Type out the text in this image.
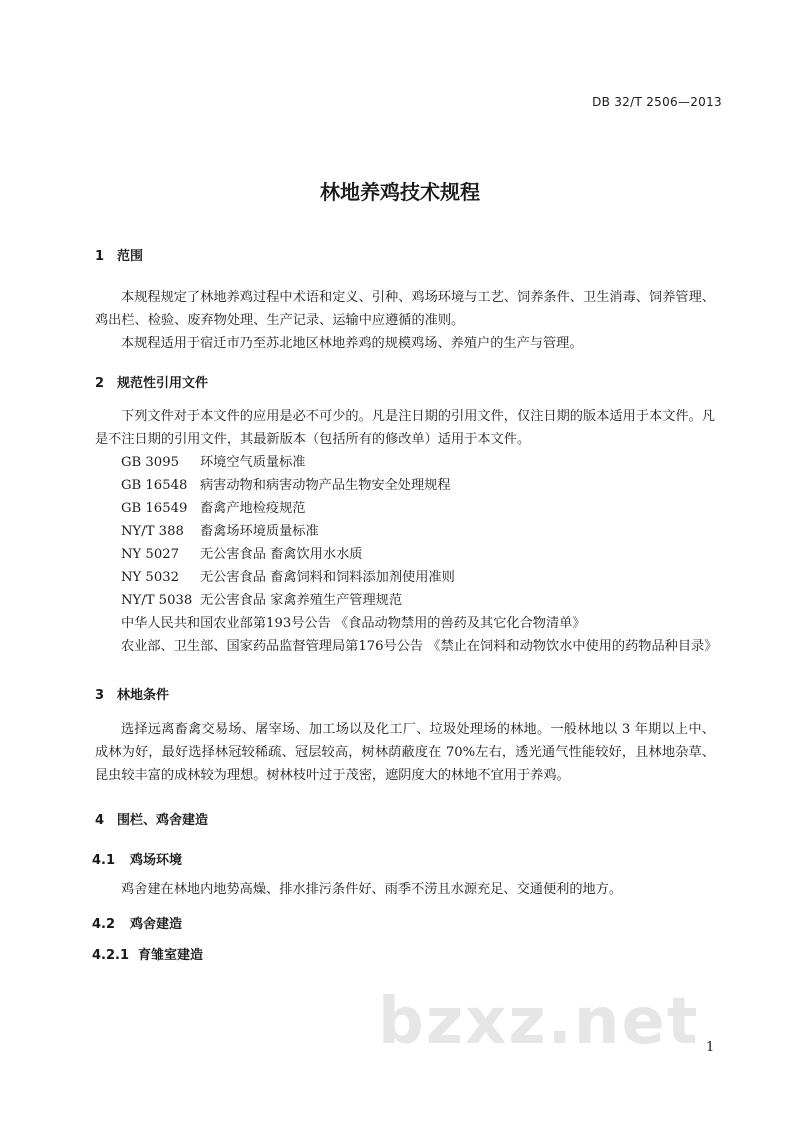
DB 32/T 2506—2013
林地养鸡技术规程
1 范围

本规程规定了林地养鸡过程中术语和定义、引种、鸡场环境与工艺、饲养条件、卫生消毒、饲养管理、鸡出栏、检验、废弃物处理、生产记录、运输中应遵循的准则。

本规程适用于宿迁市乃至苏北地区林地养鸡的规模鸡场、养殖户的生产与管理。

2 规范性引用文件

下列文件对于本文件的应用是必不可少的。凡是注日期的引用文件，仅注日期的版本适用于本文件。凡是不注日期的引用文件，其最新版本（包括所有的修改单）适用于本文件。

GB 3095 环境空气质量标准
GB 16548 病害动物和病害动物产品生物安全处理规程
GB 16549 畜禽产地检疫规范
NY/T 388 畜禽场环境质量标准
NY 5027 无公害食品 畜禽饮用水水质
NY 5032 无公害食品 畜禽饲料和饲料添加剂使用准则
NY/T 5038 无公害食品 家禽养殖生产管理规范
中华人民共和国农业部第193号公告 《食品动物禁用的兽药及其它化合物清单》
农业部、卫生部、国家药品监督管理局第176号公告 《禁止在饲料和动物饮水中使用的药物品种目录》
3 林地条件

选择远离畜禽交易场、屠宰场、加工场以及化工厂、垃圾处理场的林地。一般林地以 3 年期以上中、成林为好，最好选择林冠较稀疏、冠层较高，树林荫蔽度在 70%左右，透光通气性能较好，且林地杂草、昆虫较丰富的成林较为理想。树林枝叶过于茂密，遮阴度大的林地不宜用于养鸡。

4 围栏、鸡舍建造
4.1 鸡场环境

鸡舍建在林地内地势高燥、排水排污条件好、雨季不涝且水源充足、交通便利的地方。

4.2 鸡舍建造
4.2.1 育雏室建造
bzxz.net 1
